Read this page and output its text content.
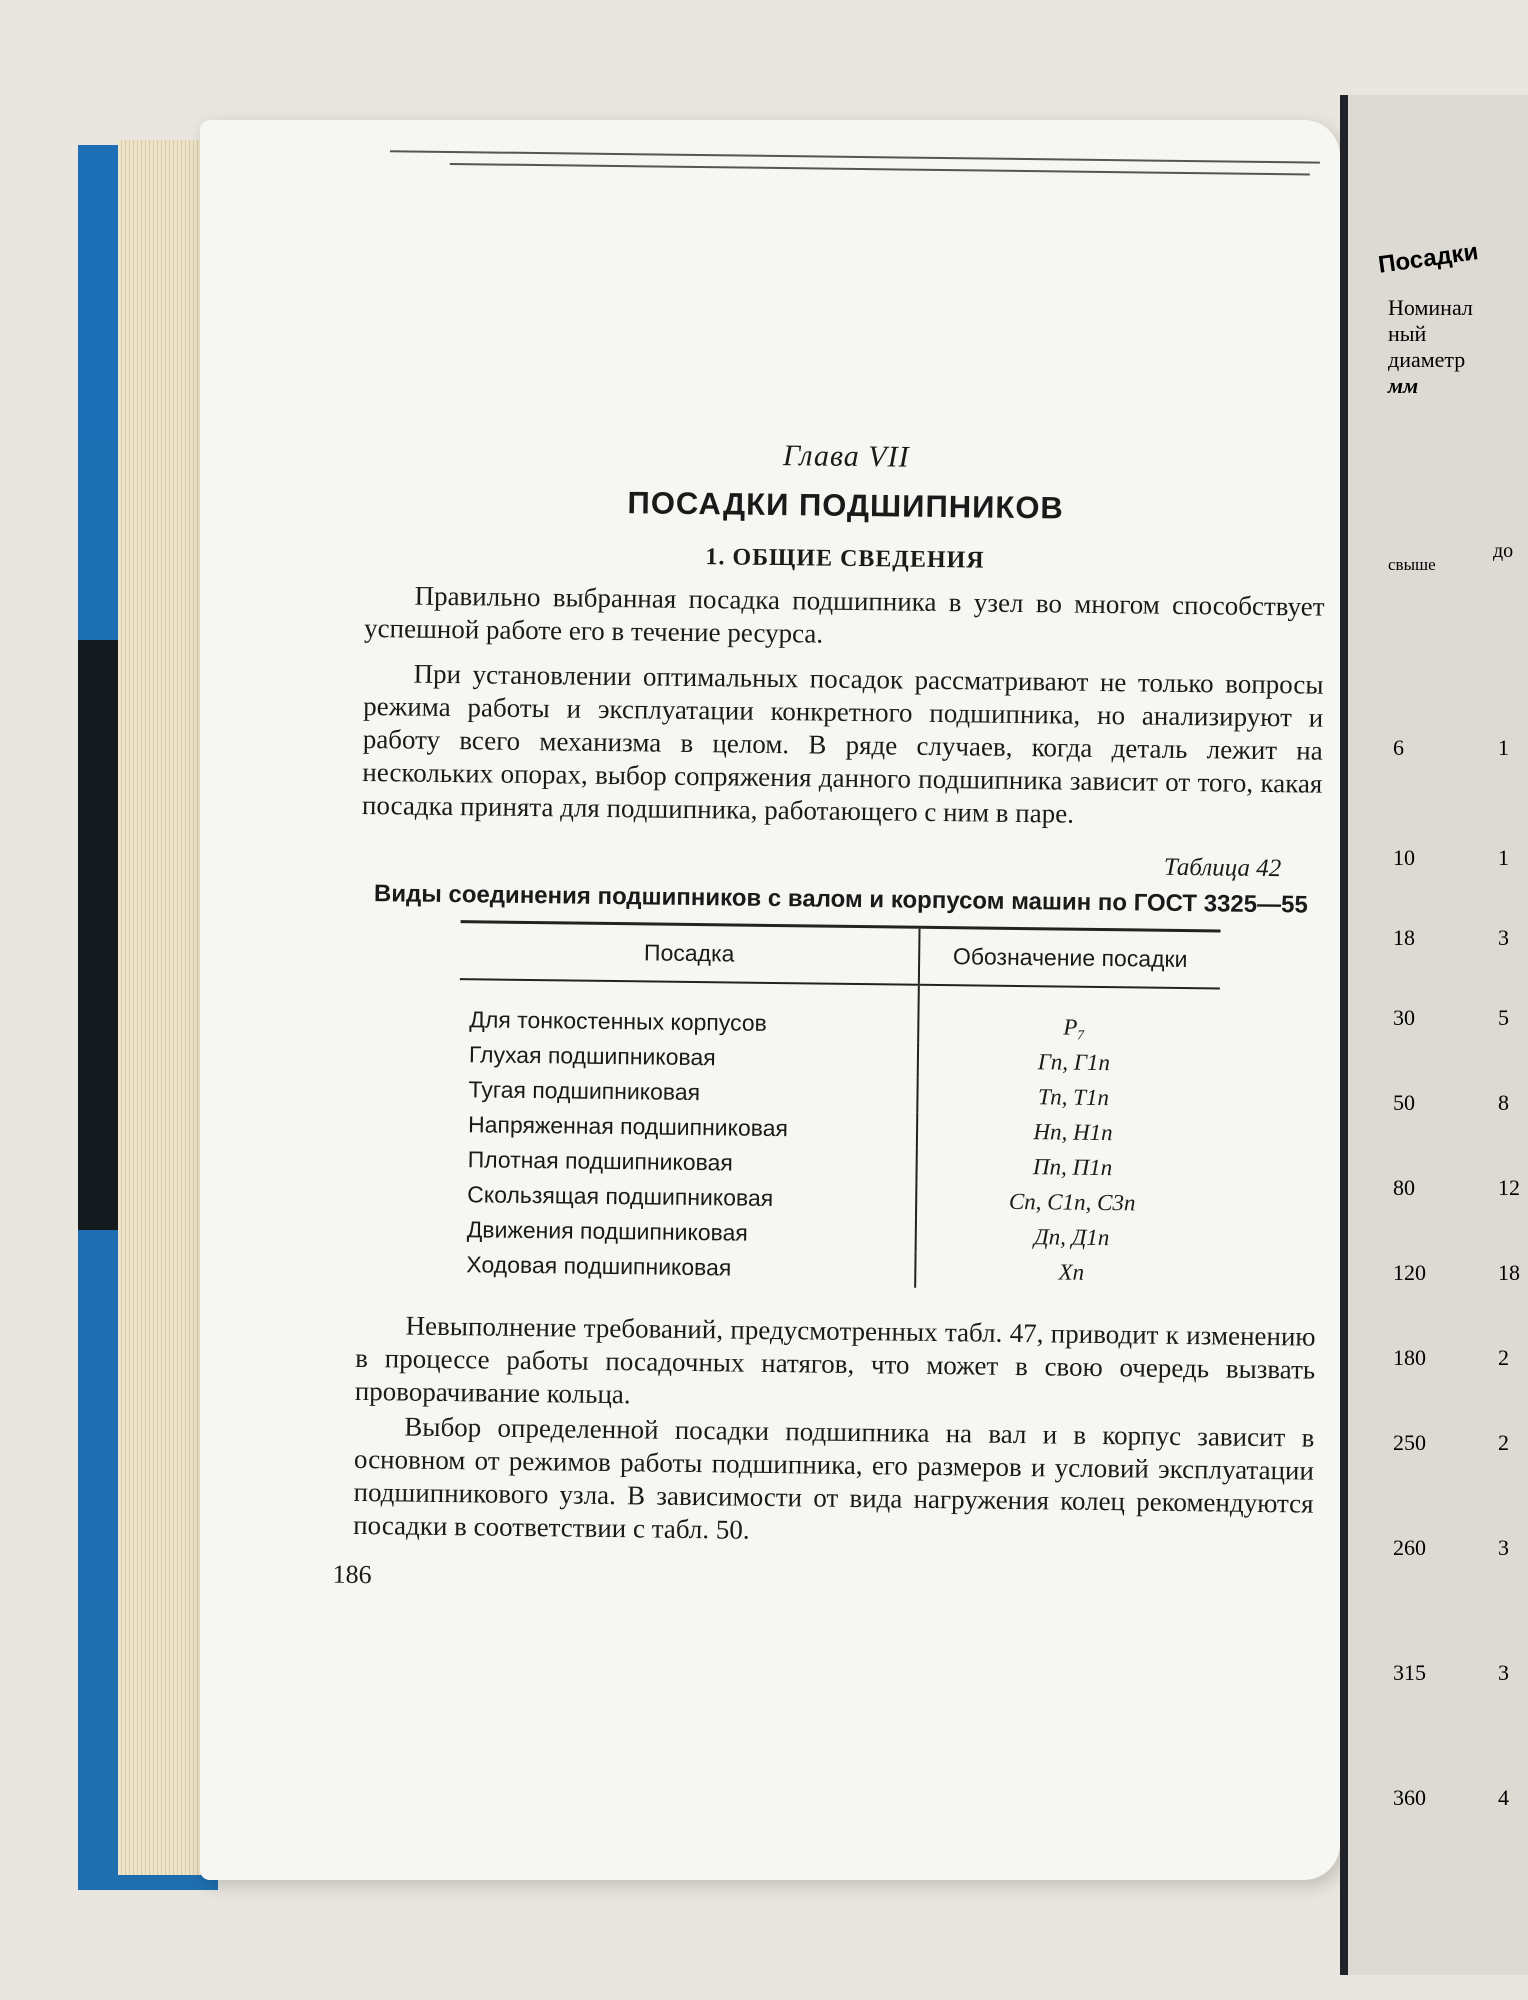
Посадки
Номинал
ный
диаметр
мм
свыше
до
6	1
10	1
18	3
30	5
50	8
80	12
120	18
180	2
250	2
260	3
315	3
360	4
Глава VII
ПОСАДКИ ПОДШИПНИКОВ
1. ОБЩИЕ СВЕДЕНИЯ

Правильно выбранная посадка подшипника в узел во многом способствует успешной работе его в течение ресурса.

При установлении оптимальных посадок рассматривают не только вопросы режима работы и эксплуатации конкретного подшипника, но анализируют и работу всего механизма в целом. В ряде случаев, когда деталь лежит на нескольких опорах, выбор сопряжения данного подшипника зависит от того, какая посадка принята для подшипника, работающего с ним в паре.

Таблица 42
Виды соединения подшипников с валом и корпусом машин по ГОСТ 3325—55
Посадка	Обозначение посадки
Для тонкостенных корпусов	P₇
Глухая подшипниковая	Гп, Г1п
Тугая подшипниковая	Тп, Т1п
Напряженная подшипниковая	Нп, Н1п
Плотная подшипниковая	Пп, П1п
Скользящая подшипниковая	Сп, С1п, С3п
Движения подшипниковая	Дп, Д1п
Ходовая подшипниковая	Хп

Невыполнение требований, предусмотренных табл. 47, приводит к изменению в процессе работы посадочных натягов, что может в свою очередь вызвать проворачивание кольца.

Выбор определенной посадки подшипника на вал и в корпус зависит в основном от режимов работы подшипника, его размеров и условий эксплуатации подшипникового узла. В зависимости от вида нагружения колец рекомендуются посадки в соответствии с табл. 50.

186
